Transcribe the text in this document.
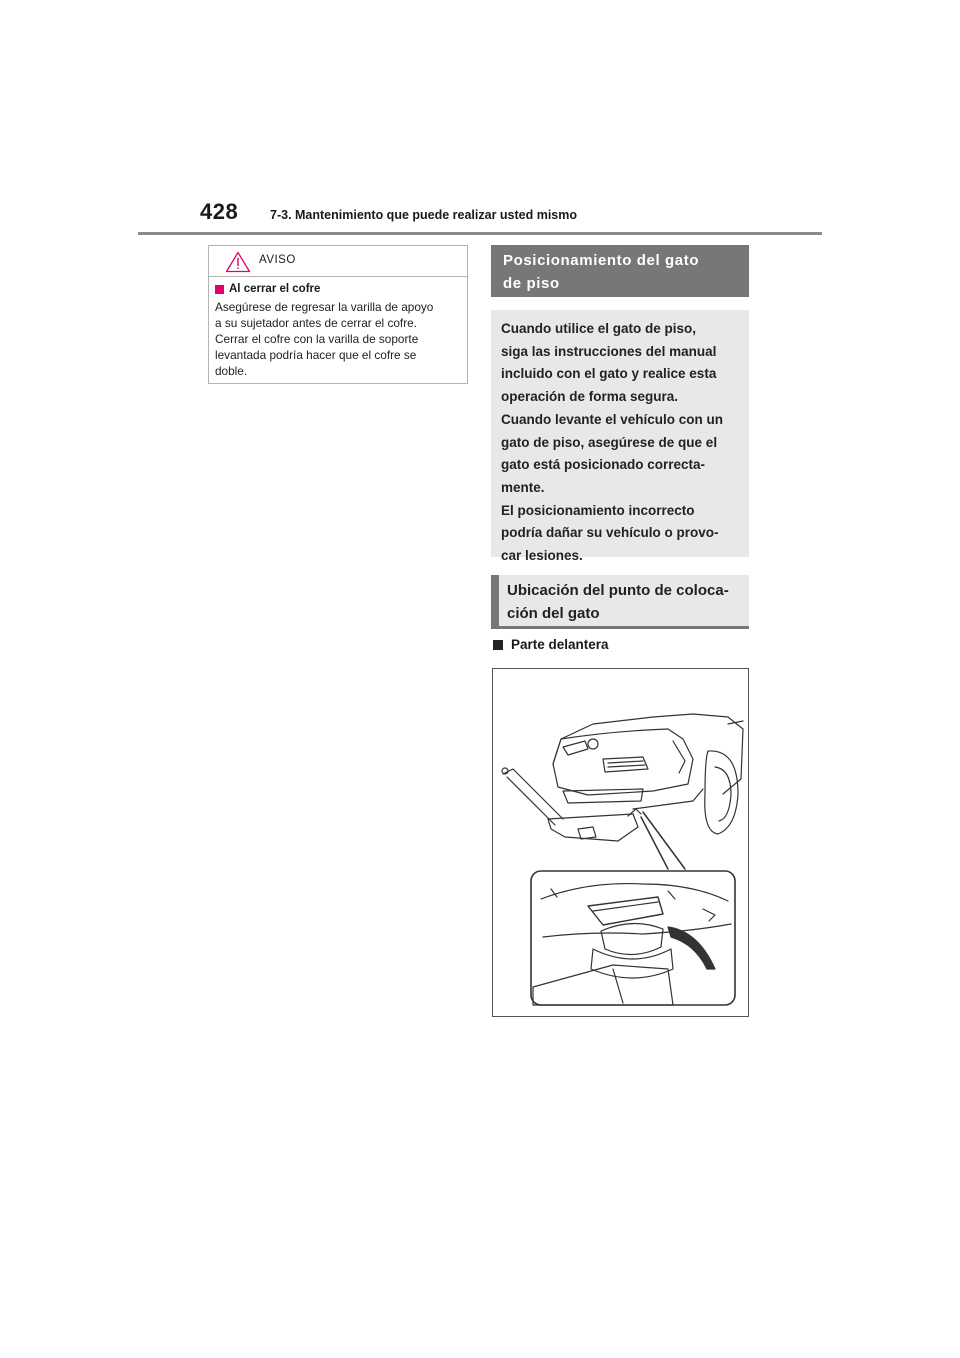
428	7-3. Mantenimiento que puede realizar usted mismo
AVISO
Al cerrar el cofre
Asegúrese de regresar la varilla de apoyo
a su sujetador antes de cerrar el cofre.
Cerrar el cofre con la varilla de soporte
levantada podría hacer que el cofre se
doble.
Posicionamiento del gato
de piso
Cuando utilice el gato de piso,
siga las instrucciones del manual
incluido con el gato y realice esta
operación de forma segura.
Cuando levante el vehículo con un
gato de piso, asegúrese de que el
gato está posicionado correcta-
mente.
El posicionamiento incorrecto
podría dañar su vehículo o provo-
car lesiones.
Ubicación del punto de coloca-
ción del gato
Parte delantera
